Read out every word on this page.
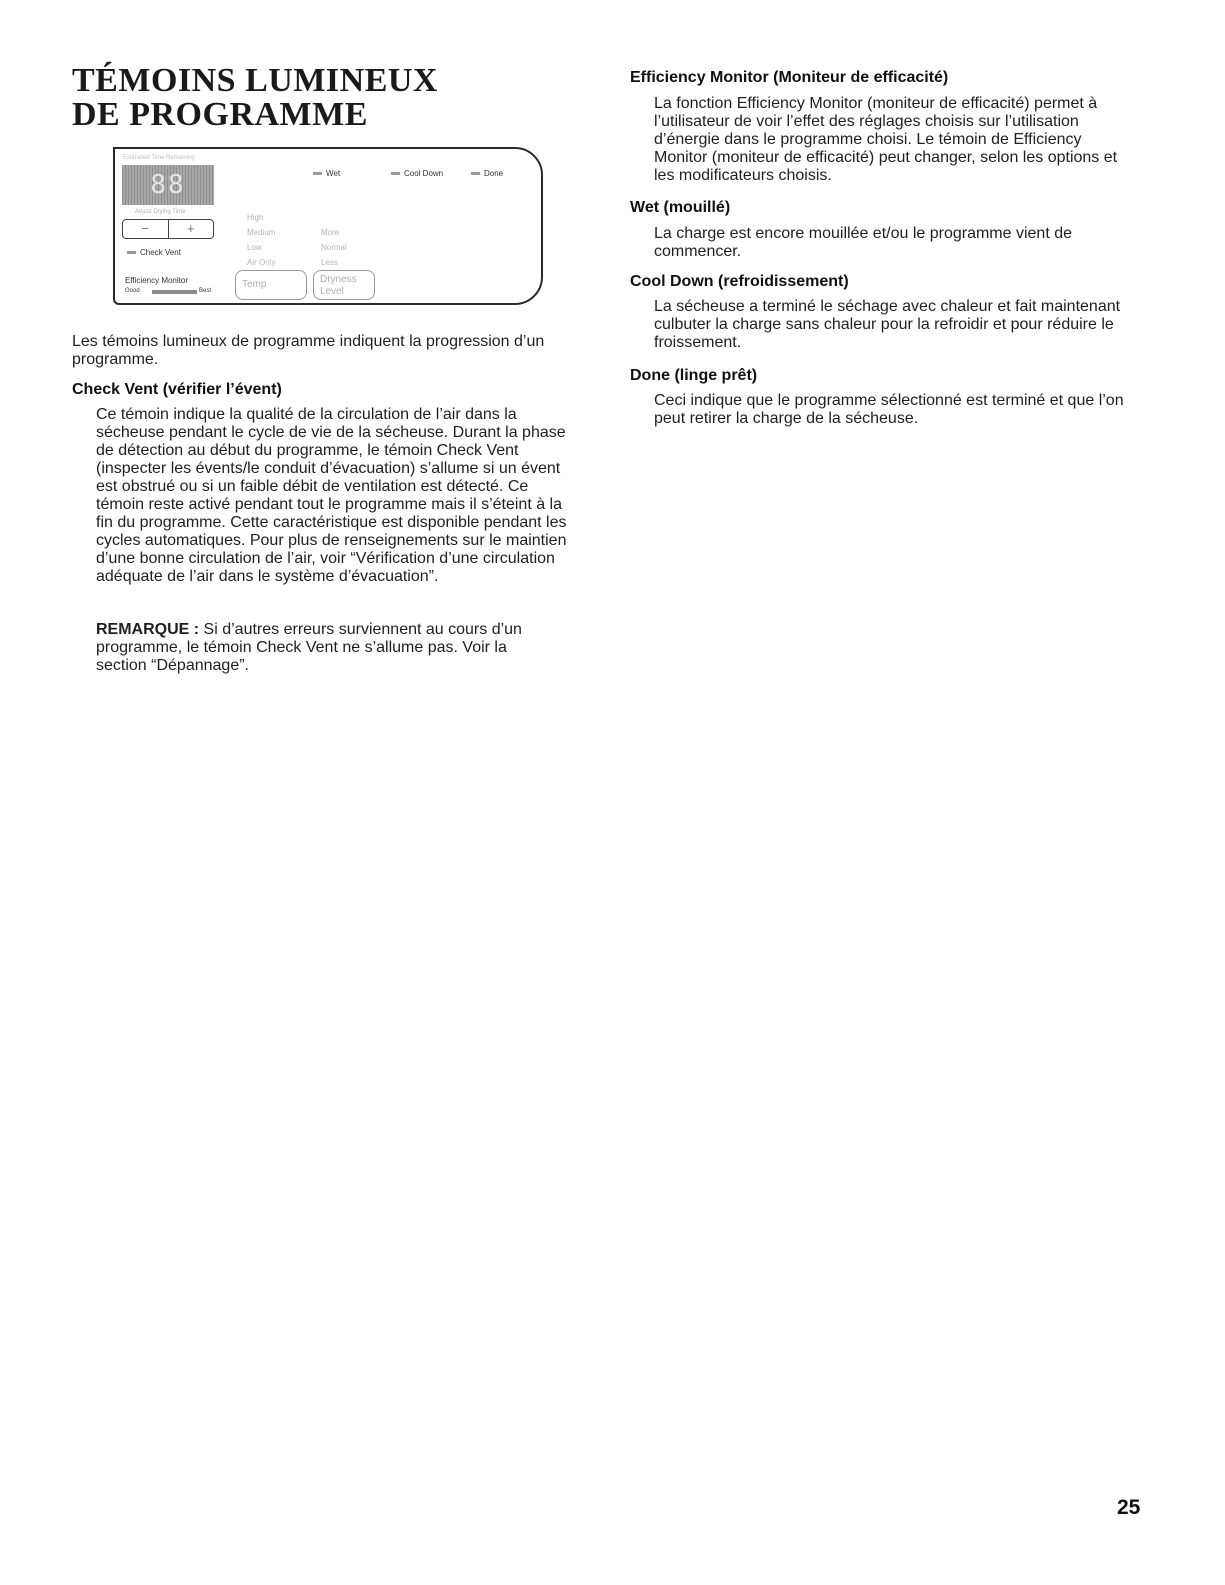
TÉMOINS LUMINEUX
DE PROGRAMME
Estimated Time Remaining
88
Adjust Drying Time
−	+
Check Vent
Efficiency Monitor
Good	Best
Wet	Cool Down	Done
High
Medium
Low
Air Only
More
Normal
Less
Temp	Dryness
Level

Les témoins lumineux de programme indiquent la progression d’un programme.

Check Vent (vérifier l’évent)

Ce témoin indique la qualité de la circulation de l’air dans la sécheuse pendant le cycle de vie de la sécheuse. Durant la phase de détection au début du programme, le témoin Check Vent (inspecter les évents/le conduit d’évacuation) s’allume si un évent est obstrué ou si un faible débit de ventilation est détecté. Ce témoin reste activé pendant tout le programme mais il s’éteint à la fin du programme. Cette caractéristique est disponible pendant les cycles automatiques. Pour plus de renseignements sur le maintien d’une bonne circulation de l’air, voir “Vérification d’une circulation adéquate de l’air dans le système d’évacuation”.

REMARQUE : Si d’autres erreurs surviennent au cours d’un programme, le témoin Check Vent ne s’allume pas. Voir la section “Dépannage”.

Efficiency Monitor (Moniteur de efficacité)

La fonction Efficiency Monitor (moniteur de efficacité) permet à l’utilisateur de voir l’effet des réglages choisis sur l’utilisation d’énergie dans le programme choisi. Le témoin de Efficiency Monitor (moniteur de efficacité) peut changer, selon les options et les modificateurs choisis.

Wet (mouillé)

La charge est encore mouillée et/ou le programme vient de commencer.

Cool Down (refroidissement)

La sécheuse a terminé le séchage avec chaleur et fait maintenant culbuter la charge sans chaleur pour la refroidir et pour réduire le froissement.

Done (linge prêt)

Ceci indique que le programme sélectionné est terminé et que l’on peut retirer la charge de la sécheuse.

25
